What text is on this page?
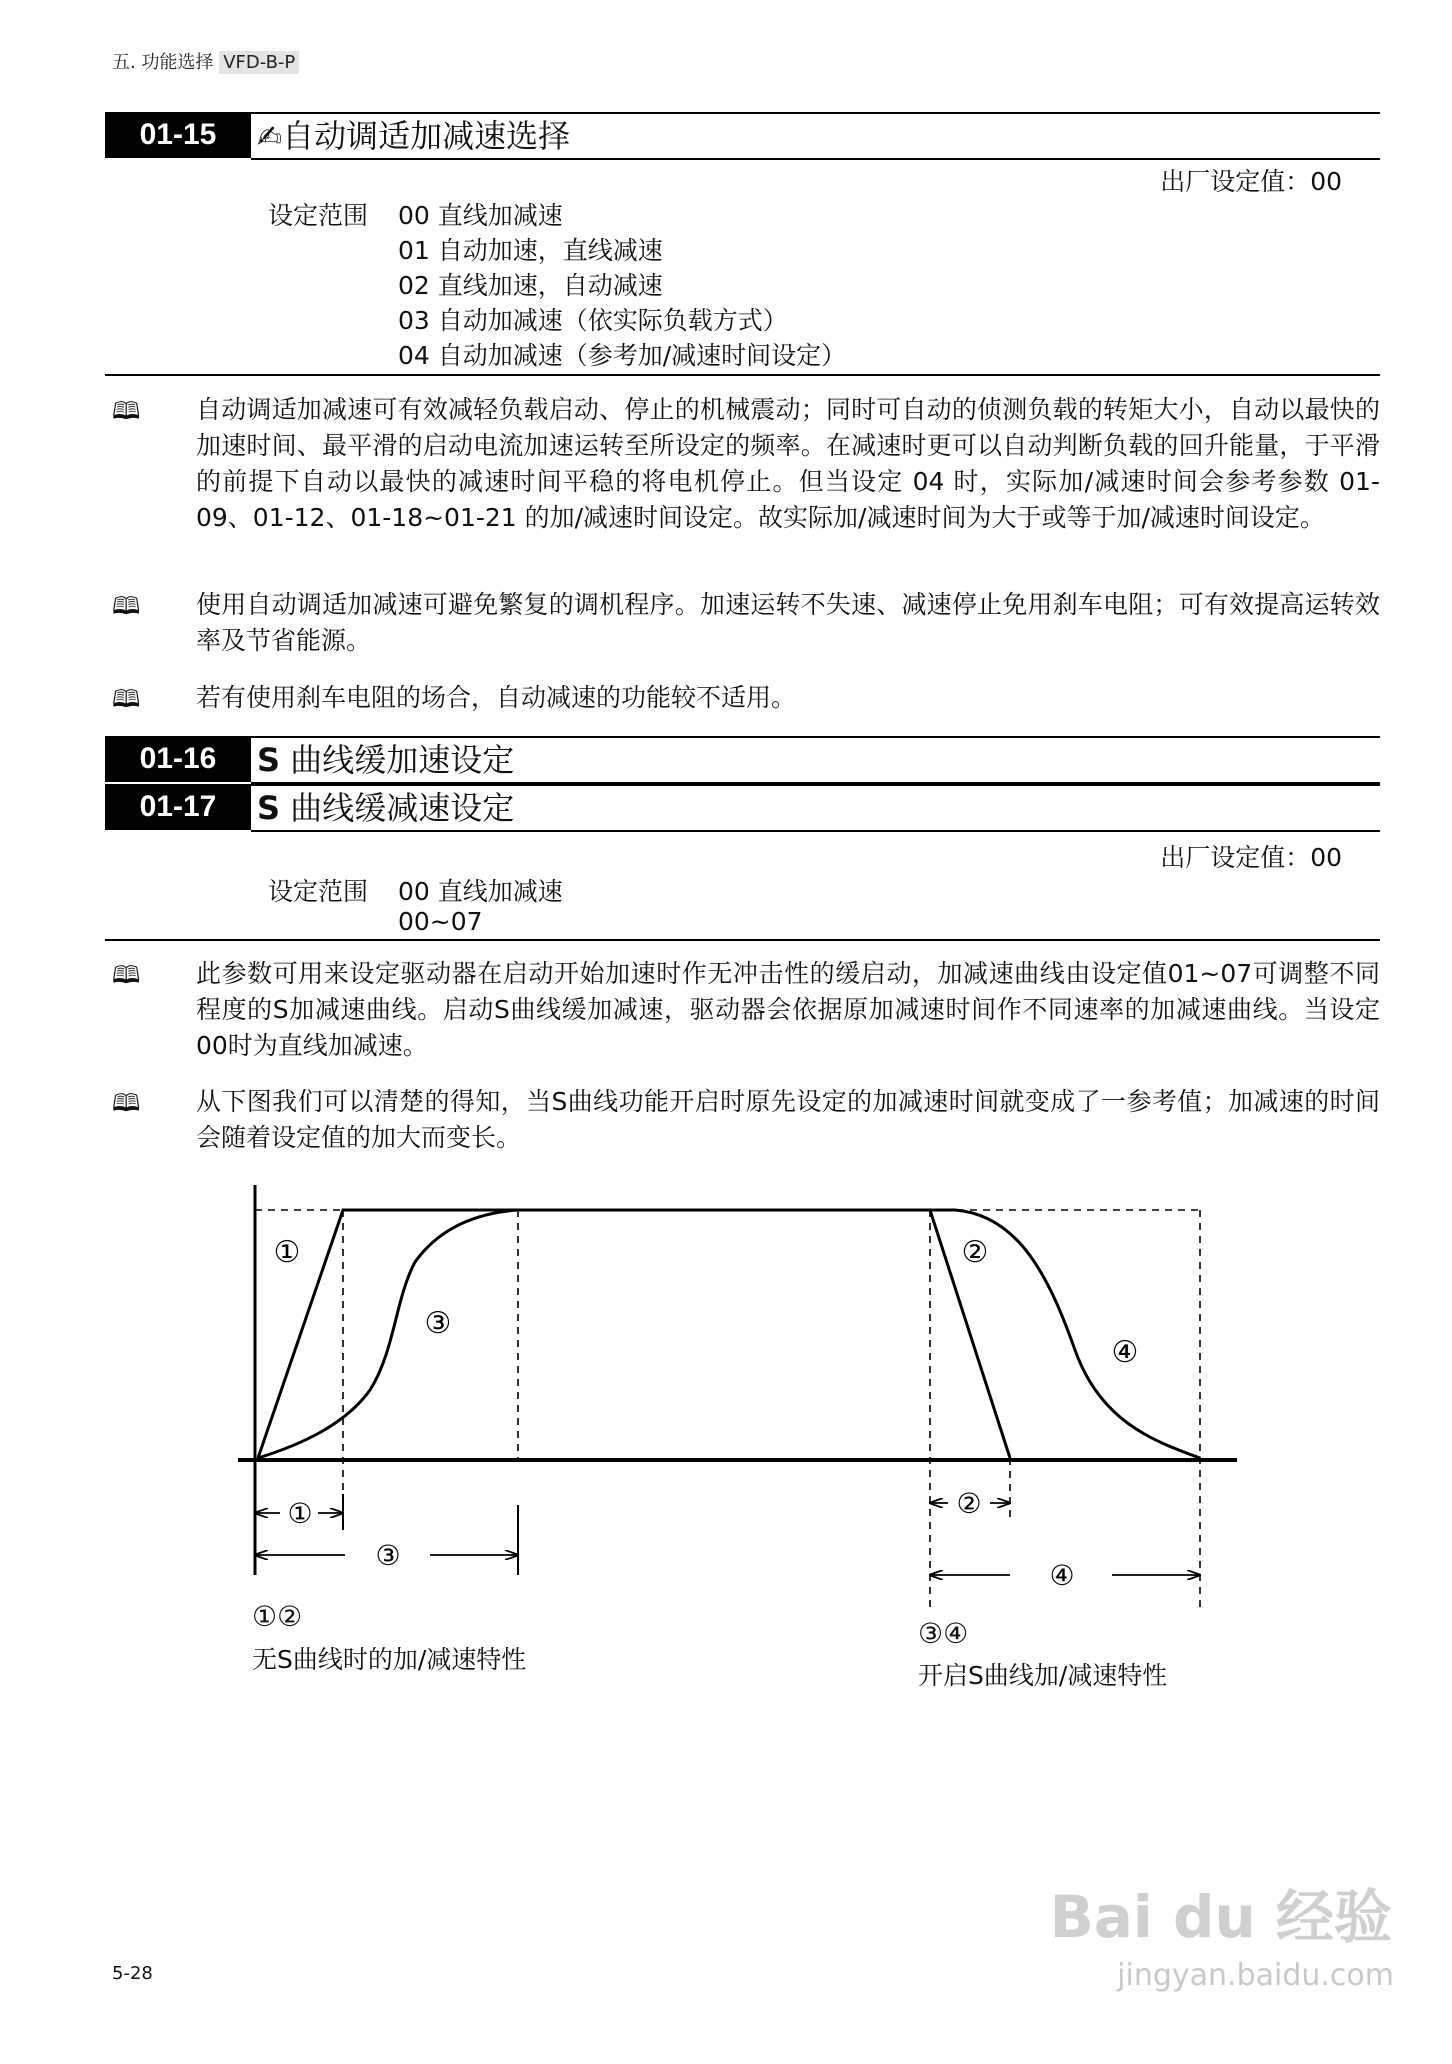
五. 功能选择 VFD-B-P
01-15	✍自动调适加减速选择
出厂设定值：00
设定范围 00 直线加减速
01 自动加速，直线减速
02 直线加速，自动减速
03 自动加减速（依实际负载方式）
04 自动加减速（参考加/减速时间设定）
🕮 自动调适加减速可有效减轻负载启动、停止的机械震动；同时可自动的侦测负载的转矩大小，自动以最快的加速时间、最平滑的启动电流加速运转至所设定的频率。在减速时更可以自动判断负载的回升能量，于平滑的前提下自动以最快的减速时间平稳的将电机停止。但当设定 04 时，实际加/减速时间会参考参数 01-09、01-12、01-18~01-21 的加/减速时间设定。故实际加/减速时间为大于或等于加/减速时间设定。
🕮 使用自动调适加减速可避免繁复的调机程序。加速运转不失速、减速停止免用刹车电阻；可有效提高运转效率及节省能源。
🕮 若有使用刹车电阻的场合，自动减速的功能较不适用。
01-16	S 曲线缓加速设定
01-17	S 曲线缓减速设定
出厂设定值：00
设定范围 00 直线加减速
00~07
🕮 此参数可用来设定驱动器在启动开始加速时作无冲击性的缓启动，加减速曲线由设定值01~07可调整不同程度的S加减速曲线。启动S曲线缓加减速，驱动器会依据原加减速时间作不同速率的加减速曲线。当设定00时为直线加减速。
🕮 从下图我们可以清楚的得知，当S曲线功能开启时原先设定的加减速时间就变成了一参考值；加减速的时间会随着设定值的加大而变长。
①	②
③
④
①
③
②
④
①②
无S曲线时的加/减速特性
③④
开启S曲线加/减速特性
5-28
Bai du 经验
jingyan.baidu.com
